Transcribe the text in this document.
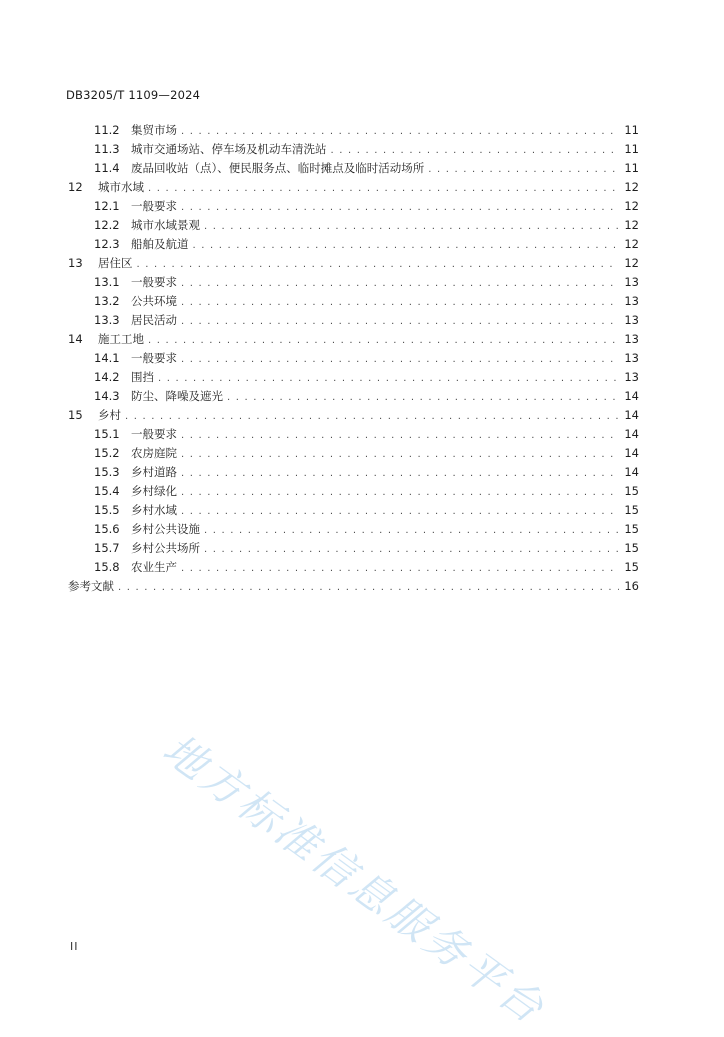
DB3205/T 1109—2024
11.2 集贸市场 . . .	11
11.3 城市交通场站、停车场及机动车清洗站 . . .	11
11.4 废品回收站（点）、便民服务点、临时摊点及临时活动场所 . . .	11
12	城市水域 . . .	12
12.1 一般要求 . . .	12
12.2 城市水域景观 . . .	12
12.3 船舶及航道 . . .	12
13	居住区 . . .	12
13.1 一般要求 . . .	13
13.2 公共环境 . . .	13
13.3 居民活动 . . .	13
14	施工工地 . . .	13
14.1 一般要求 . . .	13
14.2 围挡 . . .	13
14.3 防尘、降噪及遮光 . . .	14
15	乡村 . . .	14
15.1 一般要求 . . .	14
15.2 农房庭院 . . .	14
15.3 乡村道路 . . .	14
15.4 乡村绿化 . . .	15
15.5 乡村水域 . . .	15
15.6 乡村公共设施 . . .	15
15.7 乡村公共场所 . . .	15
15.8 农业生产 . . .	15
参考文献 . . .	16
地方标准信息服务平台
II
